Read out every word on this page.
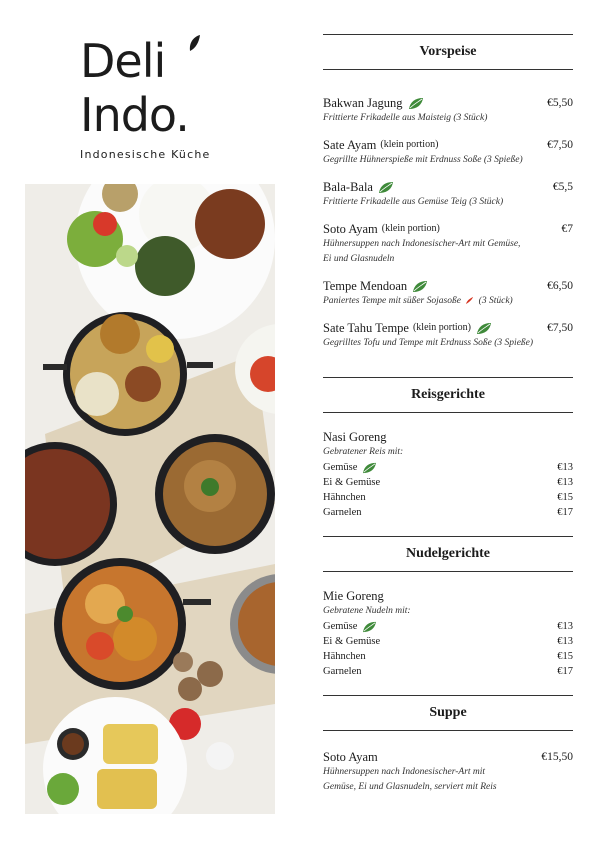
Deli
Indo.
Indonesische Küche
Vorspeise
Bakwan Jagung	€5,50
Frittierte Frikadelle aus Maisteig (3 Stück)
Sate Ayam (klein portion)	€7,50
Gegrillte Hühnerspieße mit Erdnuss Soße (3 Spieße)
Bala-Bala	€5,5
Frittierte Frikadelle aus Gemüse Teig (3 Stück)
Soto Ayam (klein portion)	€7
Hühnersuppen nach Indonesischer-Art mit Gemüse,
Ei und Glasnudeln
Tempe Mendoan	€6,50
Paniertes Tempe mit süßer Sojasoße (3 Stück)
Sate Tahu Tempe (klein portion)	€7,50
Gegrilltes Tofu und Tempe mit Erdnuss Soße (3 Spieße)
Reisgerichte
Nasi Goreng
Gebratener Reis mit:
Gemüse	€13
Ei & Gemüse	€13
Hähnchen	€15
Garnelen	€17
Nudelgerichte
Mie Goreng
Gebratene Nudeln mit:
Gemüse	€13
Ei & Gemüse	€13
Hähnchen	€15
Garnelen	€17
Suppe
Soto Ayam	€15,50
Hühnersuppen nach Indonesischer-Art mit
Gemüse, Ei und Glasnudeln, serviert mit Reis
